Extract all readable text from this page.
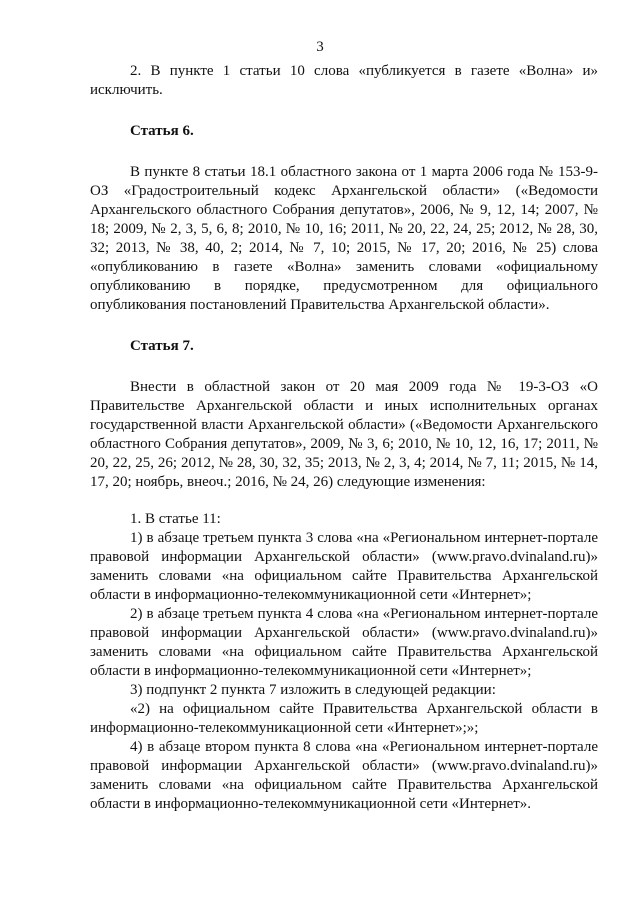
3

2. В пункте 1 статьи 10 слова «публикуется в газете «Волна» и» исключить.

Статья 6.

В пункте 8 статьи 18.1 областного закона от 1 марта 2006 года № 153-9-ОЗ «Градостроительный кодекс Архангельской области» («Ведомости Архангельского областного Собрания депутатов», 2006, № 9, 12, 14; 2007, № 18; 2009, № 2, 3, 5, 6, 8; 2010, № 10, 16; 2011, № 20, 22, 24, 25; 2012, № 28, 30, 32; 2013, № 38, 40, 2; 2014, № 7, 10; 2015, № 17, 20; 2016, № 25) слова «опубликованию в газете «Волна» заменить словами «официальному опубликованию в порядке, предусмотренном для официального опубликования постановлений Правительства Архангельской области».

Статья 7.

Внести в областной закон от 20 мая 2009 года № 19-3-ОЗ «О Правительстве Архангельской области и иных исполнительных органах государственной власти Архангельской области» («Ведомости Архангельского областного Собрания депутатов», 2009, № 3, 6; 2010, № 10, 12, 16, 17; 2011, № 20, 22, 25, 26; 2012, № 28, 30, 32, 35; 2013, № 2, 3, 4; 2014, № 7, 11; 2015, № 14, 17, 20; ноябрь, внеоч.; 2016, № 24, 26) следующие изменения:

1. В статье 11:

1) в абзаце третьем пункта 3 слова «на «Региональном интернет-портале правовой информации Архангельской области» (www.pravo.dvinaland.ru)» заменить словами «на официальном сайте Правительства Архангельской области в информационно-телекоммуникационной сети «Интернет»;

2) в абзаце третьем пункта 4 слова «на «Региональном интернет-портале правовой информации Архангельской области» (www.pravo.dvinaland.ru)» заменить словами «на официальном сайте Правительства Архангельской области в информационно-телекоммуникационной сети «Интернет»;

3) подпункт 2 пункта 7 изложить в следующей редакции:

«2) на официальном сайте Правительства Архангельской области в информационно-телекоммуникационной сети «Интернет»;»;

4) в абзаце втором пункта 8 слова «на «Региональном интернет-портале правовой информации Архангельской области» (www.pravo.dvinaland.ru)» заменить словами «на официальном сайте Правительства Архангельской области в информационно-телекоммуникационной сети «Интернет».
